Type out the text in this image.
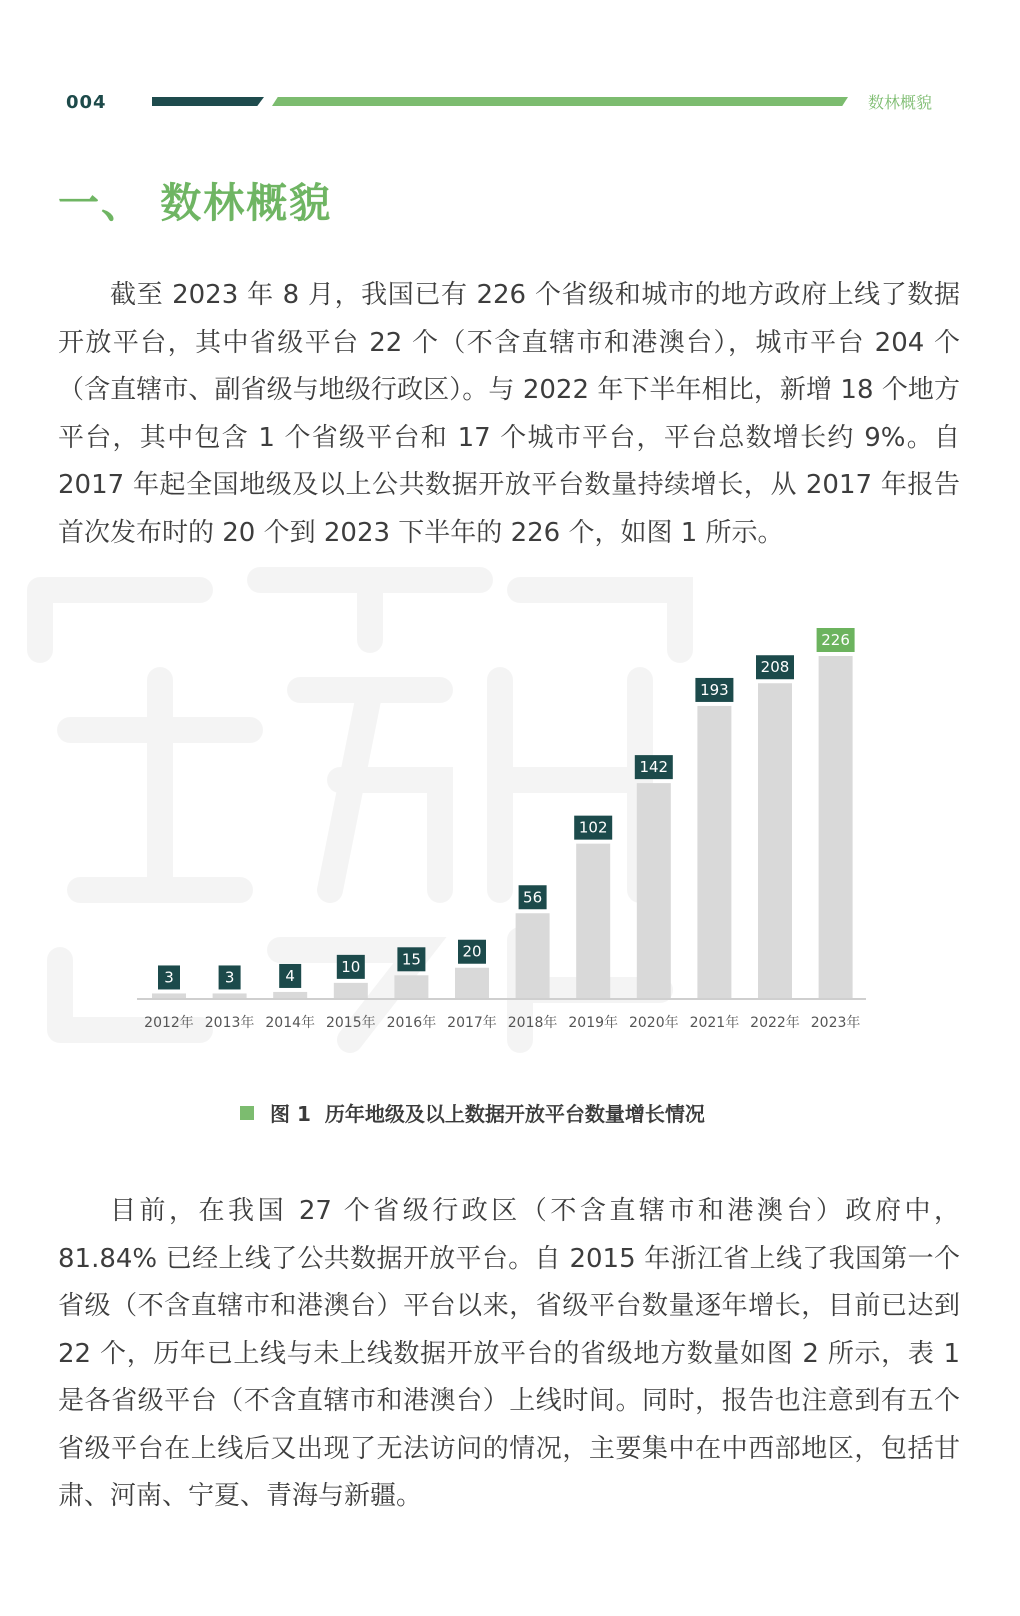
004	数林概貌
一、 数林概貌

截至 2023 年 8 月，我国已有 226 个省级和城市的地方政府上线了数据开放平台，其中省级平台 22 个（不含直辖市和港澳台），城市平台 204 个（含直辖市、副省级与地级行政区）。与 2022 年下半年相比，新增 18 个地方平台，其中包含 1 个省级平台和 17 个城市平台，平台总数增长约 9%。自 2017 年起全国地级及以上公共数据开放平台数量持续增长，从 2017 年报告首次发布时的 20 个到 2023 下半年的 226 个，如图 1 所示。

3
2012年
3
2013年
4
2014年
10
2015年
15
2016年
20
2017年
56
2018年
102
2019年
142
2020年
193
2021年
208
2022年
226
2023年
图 1 历年地级及以上数据开放平台数量增长情况

目前，在我国 27 个省级行政区（不含直辖市和港澳台）政府中，81.84% 已经上线了公共数据开放平台。自 2015 年浙江省上线了我国第一个省级（不含直辖市和港澳台）平台以来，省级平台数量逐年增长，目前已达到 22 个，历年已上线与未上线数据开放平台的省级地方数量如图 2 所示，表 1 是各省级平台（不含直辖市和港澳台）上线时间。同时，报告也注意到有五个省级平台在上线后又出现了无法访问的情况，主要集中在中西部地区，包括甘肃、河南、宁夏、青海与新疆。
